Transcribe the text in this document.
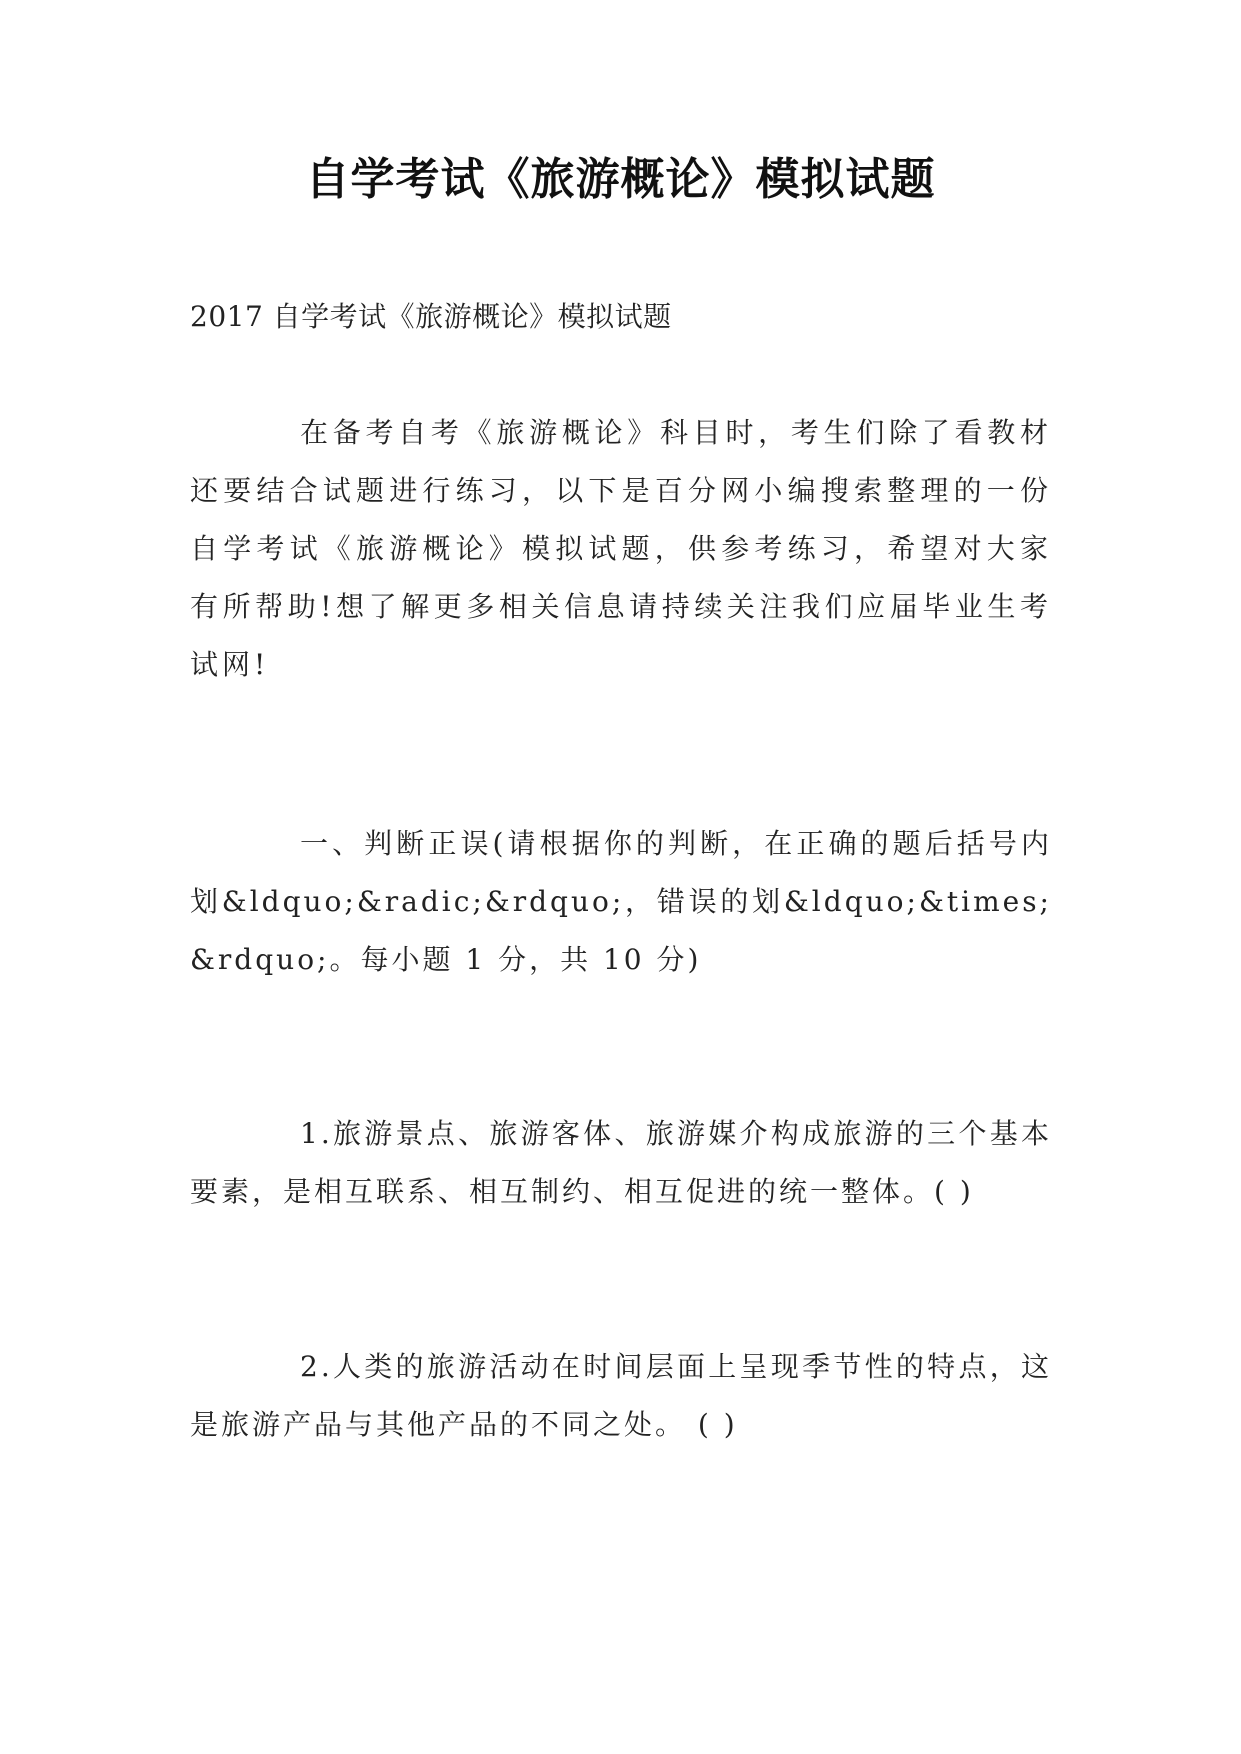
自学考试《旅游概论》模拟试题
2017 自学考试《旅游概论》模拟试题
在备考自考《旅游概论》科目时，考生们除了看教材还要结合试题进行练习，以下是百分网小编搜索整理的一份自学考试《旅游概论》模拟试题，供参考练习，希望对大家有所帮助!想了解更多相关信息请持续关注我们应届毕业生考试网!
一、判断正误(请根据你的判断，在正确的题后括号内划&ldquo;&radic;&rdquo;，错误的划&ldquo;&times;&rdquo;。每小题 1 分，共 10 分)
1.旅游景点、旅游客体、旅游媒介构成旅游的三个基本要素，是相互联系、相互制约、相互促进的统一整体。( )
2.人类的旅游活动在时间层面上呈现季节性的特点，这是旅游产品与其他产品的不同之处。 ( )
